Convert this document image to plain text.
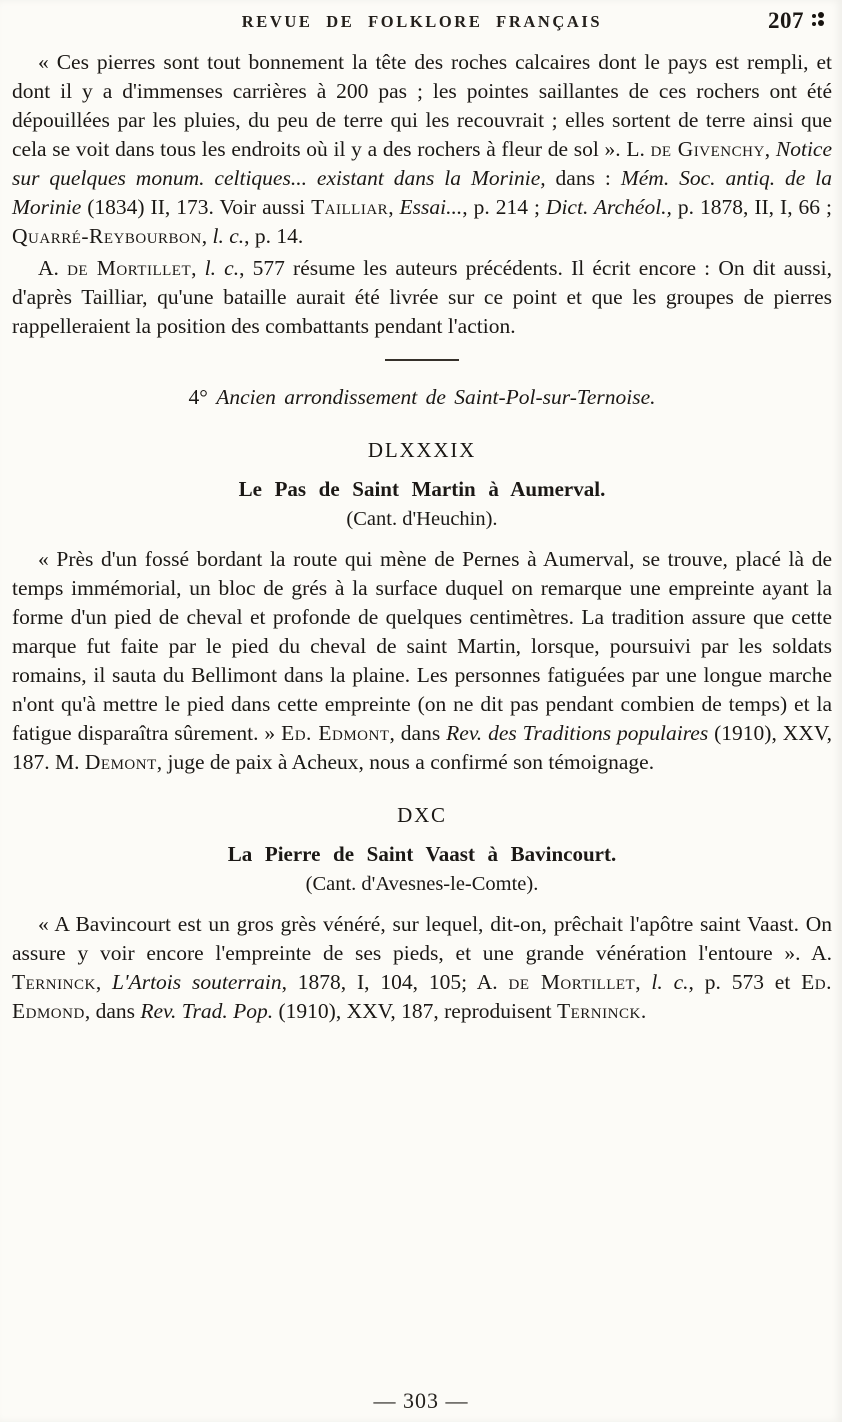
REVUE DE FOLKLORE FRANÇAIS	207

« Ces pierres sont tout bonnement la tête des roches calcaires dont le pays est rempli, et dont il y a d'immenses carrières à 200 pas ; les pointes saillantes de ces rochers ont été dépouillées par les pluies, du peu de terre qui les recouvrait ; elles sortent de terre ainsi que cela se voit dans tous les endroits où il y a des rochers à fleur de sol ». L. de Givenchy, Notice sur quelques monum. celtiques... existant dans la Morinie, dans : Mém. Soc. antiq. de la Morinie (1834) II, 173. Voir aussi Tailliar, Essai..., p. 214 ; Dict. Archéol., p. 1878, II, I, 66 ; Quarré-Reybourbon, l. c., p. 14.

A. de Mortillet, l. c., 577 résume les auteurs précédents. Il écrit encore : On dit aussi, d'après Tailliar, qu'une bataille aurait été livrée sur ce point et que les groupes de pierres rappelleraient la position des combattants pendant l'action.

4° Ancien arrondissement de Saint-Pol-sur-Ternoise.

DLXXXIX

Le Pas de Saint Martin à Aumerval.

(Cant. d'Heuchin).

« Près d'un fossé bordant la route qui mène de Pernes à Aumerval, se trouve, placé là de temps immémorial, un bloc de grés à la surface duquel on remarque une empreinte ayant la forme d'un pied de cheval et profonde de quelques centimètres. La tradition assure que cette marque fut faite par le pied du cheval de saint Martin, lorsque, poursuivi par les soldats romains, il sauta du Bellimont dans la plaine. Les personnes fatiguées par une longue marche n'ont qu'à mettre le pied dans cette empreinte (on ne dit pas pendant combien de temps) et la fatigue disparaîtra sûrement. » Ed. Edmont, dans Rev. des Traditions populaires (1910), XXV, 187. M. Demont, juge de paix à Acheux, nous a confirmé son témoignage.

DXC

La Pierre de Saint Vaast à Bavincourt.

(Cant. d'Avesnes-le-Comte).

« A Bavincourt est un gros grès vénéré, sur lequel, dit-on, prêchait l'apôtre saint Vaast. On assure y voir encore l'empreinte de ses pieds, et une grande vénération l'entoure ». A. Terninck, L'Artois souterrain, 1878, I, 104, 105; A. de Mortillet, l. c., p. 573 et Ed. Edmond, dans Rev. Trad. Pop. (1910), XXV, 187, reproduisent Terninck.

— 303 —
